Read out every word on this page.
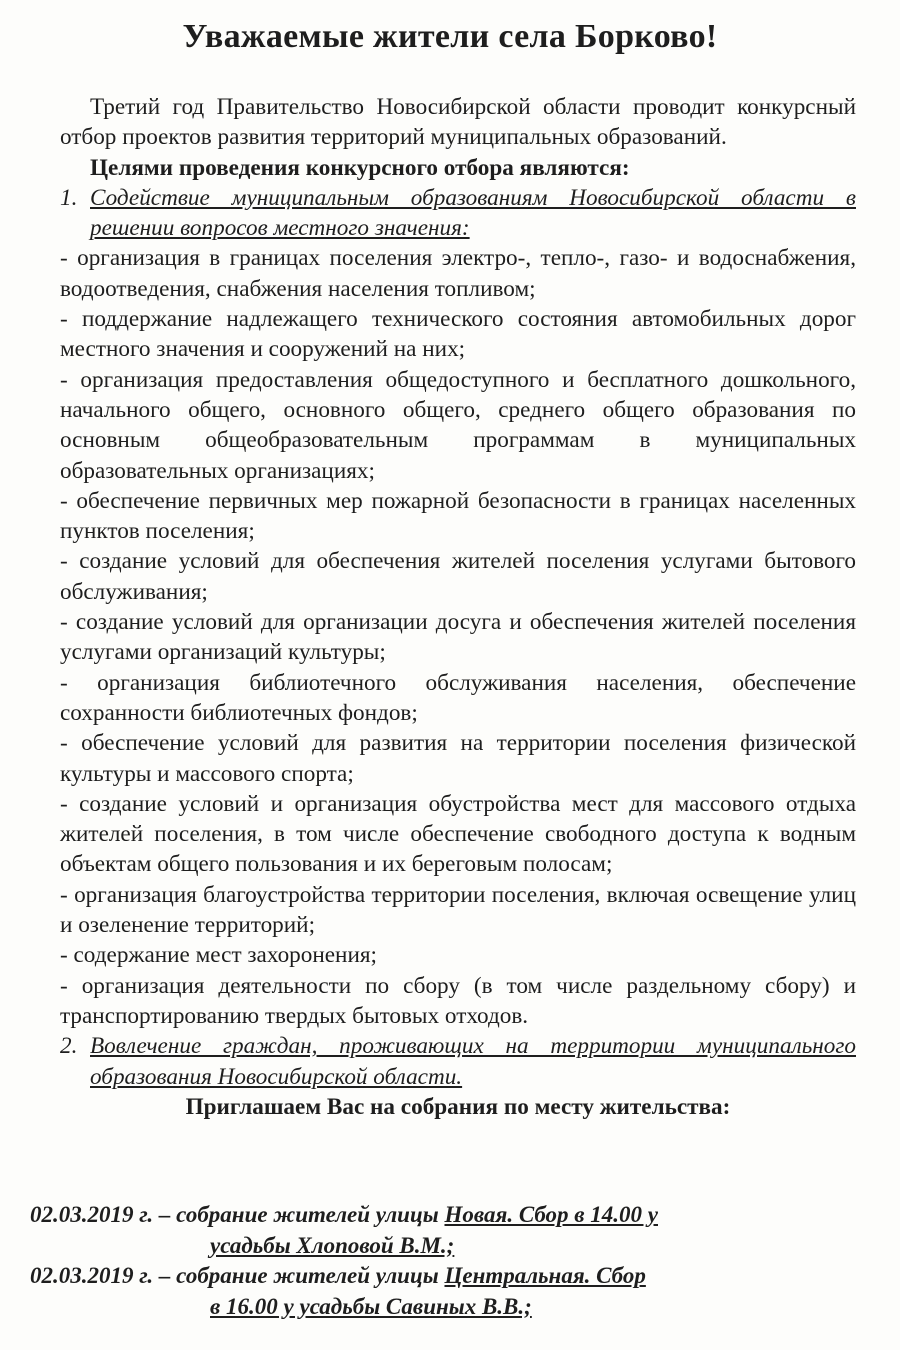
Уважаемые жители села Борково!

Третий год Правительство Новосибирской области проводит конкурсный отбор проектов развития территорий муниципальных образований.

Целями проведения конкурсного отбора являются:

1. Содействие муниципальным образованиям Новосибирской области в решении вопросов местного значения:

- организация в границах поселения электро-, тепло-, газо- и водоснабжения, водоотведения, снабжения населения топливом;

- поддержание надлежащего технического состояния автомобильных дорог местного значения и сооружений на них;

- организация предоставления общедоступного и бесплатного дошкольного, начального общего, основного общего, среднего общего образования по основным общеобразовательным программам в муниципальных образовательных организациях;

- обеспечение первичных мер пожарной безопасности в границах населенных пунктов поселения;

- создание условий для обеспечения жителей поселения услугами бытового обслуживания;

- создание условий для организации досуга и обеспечения жителей поселения услугами организаций культуры;

- организация библиотечного обслуживания населения, обеспечение сохранности библиотечных фондов;

- обеспечение условий для развития на территории поселения физической культуры и массового спорта;

- создание условий и организация обустройства мест для массового отдыха жителей поселения, в том числе обеспечение свободного доступа к водным объектам общего пользования и их береговым полосам;

- организация благоустройства территории поселения, включая освещение улиц и озеленение территорий;

- содержание мест захоронения;

- организация деятельности по сбору (в том числе раздельному сбору) и транспортированию твердых бытовых отходов.

2. Вовлечение граждан, проживающих на территории муниципального образования Новосибирской области.

Приглашаем Вас на собрания по месту жительства:

02.03.2019 г. – собрание жителей улицы Новая. Сбор в 14.00 у
усадьбы Хлоповой В.М.;
02.03.2019 г. – собрание жителей улицы Центральная. Сбор
в 16.00 у усадьбы Савиных В.В.;
